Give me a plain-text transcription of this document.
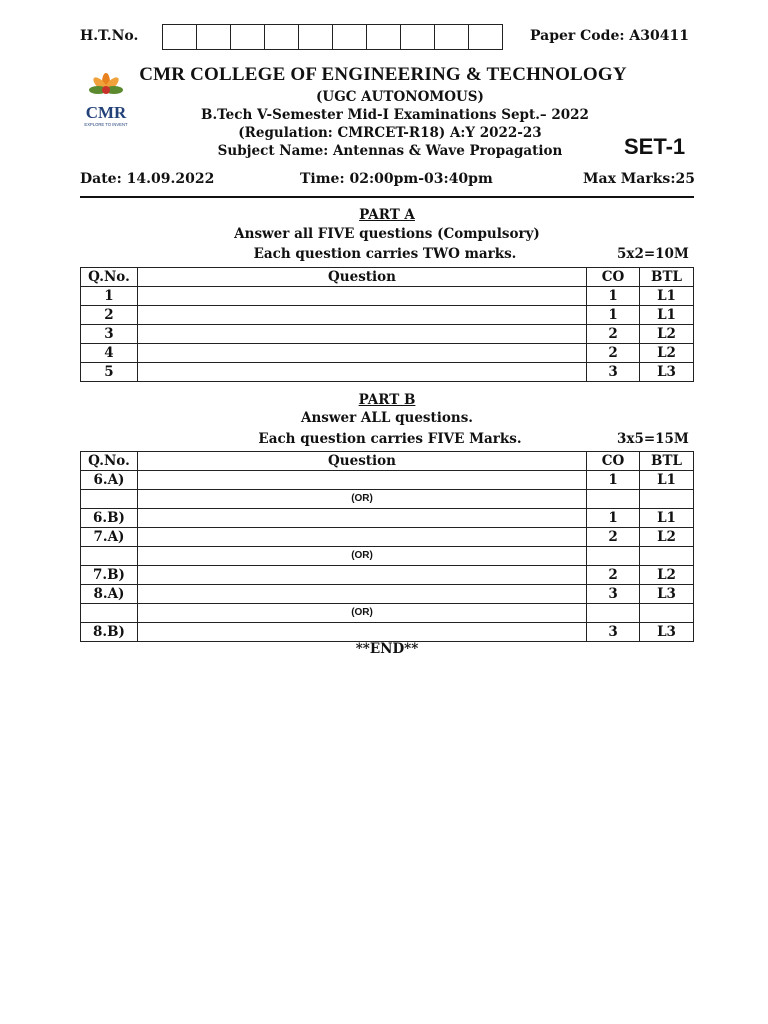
H.T.No.	Paper Code: A30411
CMR
EXPLORE TO INVENT
CMR COLLEGE OF ENGINEERING & TECHNOLOGY
(UGC AUTONOMOUS)
B.Tech V-Semester Mid-I Examinations Sept.– 2022
(Regulation: CMRCET-R18) A:Y 2022-23
Subject Name: Antennas & Wave Propagation	SET-1
Date: 14.09.2022	Time: 02:00pm-03:40pm	Max Marks:25
PART A
Answer all FIVE questions (Compulsory)
Each question carries TWO marks.	5x2=10M
Q.No.	Question	CO	BTL
1		1	L1
2		1	L1
3		2	L2
4		2	L2
5		3	L3
PART B
Answer ALL questions.
Each question carries FIVE Marks.	3x5=15M
Q.No.	Question	CO	BTL
6.A)		1	L1
	(OR)		
6.B)		1	L1
7.A)		2	L2
	(OR)		
7.B)		2	L2
8.A)		3	L3
	(OR)		
8.B)		3	L3
**END**
